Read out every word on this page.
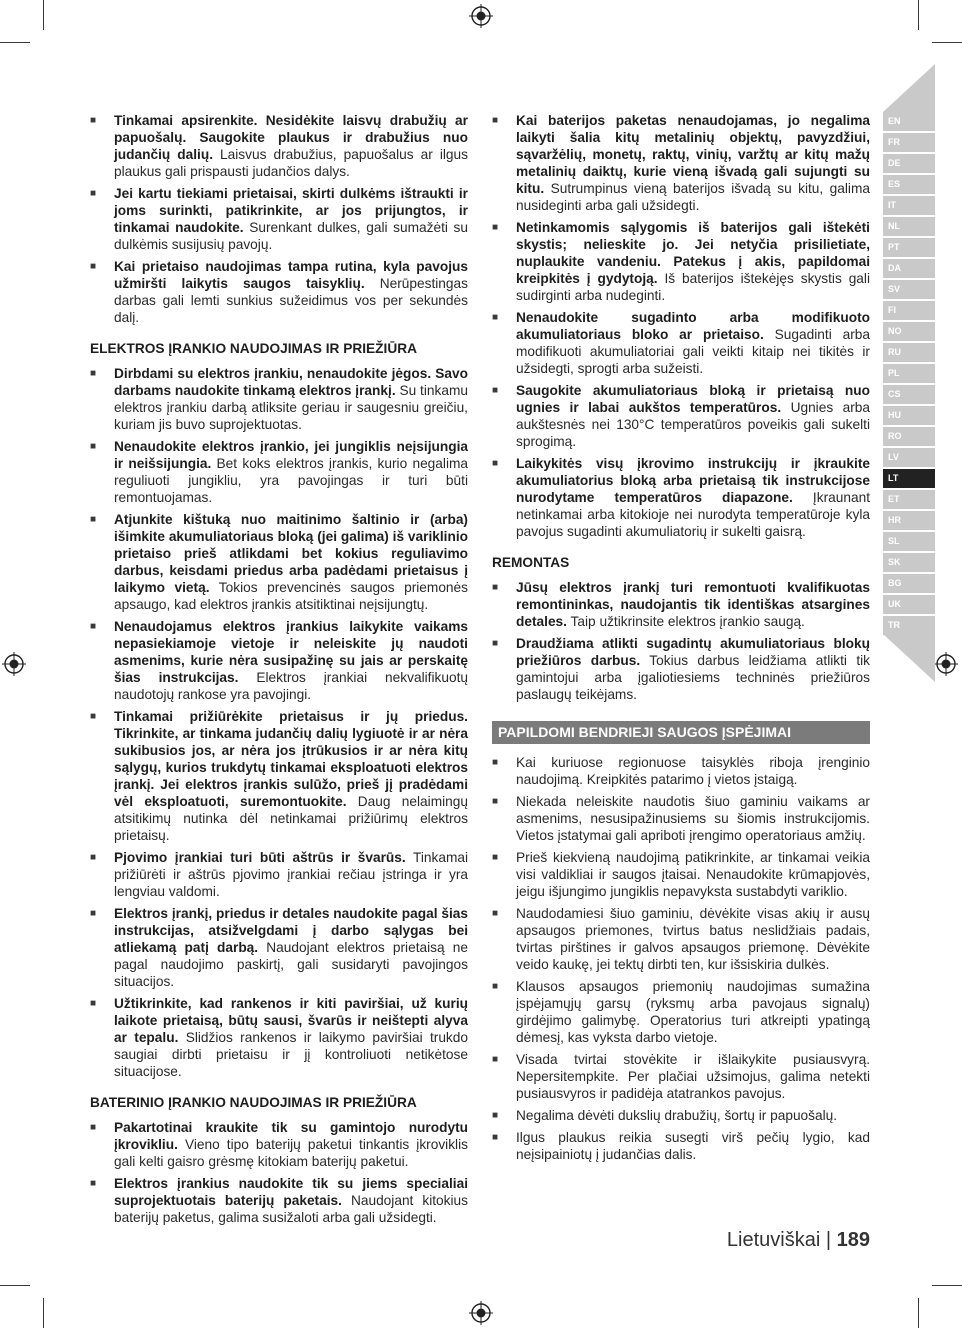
EN
FR
DE
ES
IT
NL
PT
DA
SV
FI
NO
RU
PL
CS
HU
RO
LV
LT
ET
HR
SL
SK
BG
UK
TR
■ Tinkamai apsirenkite. Nesidėkite laisvų drabužių ar papuošalų. Saugokite plaukus ir drabužius nuo judančių dalių. Laisvus drabužius, papuošalus ar ilgus plaukus gali prispausti judančios dalys.
■ Jei kartu tiekiami prietaisai, skirti dulkėms ištraukti ir joms surinkti, patikrinkite, ar jos prijungtos, ir tinkamai naudokite. Surenkant dulkes, gali sumažėti su dulkėmis susijusių pavojų.
■ Kai prietaiso naudojimas tampa rutina, kyla pavojus užmiršti laikytis saugos taisyklių. Nerūpestingas darbas gali lemti sunkius sužeidimus vos per sekundės dalį.
ELEKTROS ĮRANKIO NAUDOJIMAS IR PRIEŽIŪRA
■ Dirbdami su elektros įrankiu, nenaudokite jėgos. Savo darbams naudokite tinkamą elektros įrankį. Su tinkamu elektros įrankiu darbą atliksite geriau ir saugesniu greičiu, kuriam jis buvo suprojektuotas.
■ Nenaudokite elektros įrankio, jei jungiklis neįsijungia ir neišsijungia. Bet koks elektros įrankis, kurio negalima reguliuoti jungikliu, yra pavojingas ir turi būti remontuojamas.
■ Atjunkite kištuką nuo maitinimo šaltinio ir (arba) išimkite akumuliatoriaus bloką (jei galima) iš variklinio prietaiso prieš atlikdami bet kokius reguliavimo darbus, keisdami priedus arba padėdami prietaisus į laikymo vietą. Tokios prevencinės saugos priemonės apsaugo, kad elektros įrankis atsitiktinai neįsijungtų.
■ Nenaudojamus elektros įrankius laikykite vaikams nepasiekiamoje vietoje ir neleiskite jų naudoti asmenims, kurie nėra susipažinę su jais ar perskaitę šias instrukcijas. Elektros įrankiai nekvalifikuotų naudotojų rankose yra pavojingi.
■ Tinkamai prižiūrėkite prietaisus ir jų priedus. Tikrinkite, ar tinkama judančių dalių lygiuotė ir ar nėra sukibusios jos, ar nėra jos įtrūkusios ir ar nėra kitų sąlygų, kurios trukdytų tinkamai eksploatuoti elektros įrankį. Jei elektros įrankis sulūžo, prieš jį pradėdami vėl eksploatuoti, suremontuokite. Daug nelaimingų atsitikimų nutinka dėl netinkamai prižiūrimų elektros prietaisų.
■ Pjovimo įrankiai turi būti aštrūs ir švarūs. Tinkamai prižiūrėti ir aštrūs pjovimo įrankiai rečiau įstringa ir yra lengviau valdomi.
■ Elektros įrankį, priedus ir detales naudokite pagal šias instrukcijas, atsižvelgdami į darbo sąlygas bei atliekamą patį darbą. Naudojant elektros prietaisą ne pagal naudojimo paskirtį, gali susidaryti pavojingos situacijos.
■ Užtikrinkite, kad rankenos ir kiti paviršiai, už kurių laikote prietaisą, būtų sausi, švarūs ir neišteptі alyva ar tepalu. Slidžios rankenos ir laikymo paviršiai trukdo saugiai dirbti prietaisu ir jį kontroliuoti netikėtose situacijose.
BATERINIO ĮRANKIO NAUDOJIMAS IR PRIEŽIŪRA
■ Pakartotinai kraukite tik su gamintojo nurodytu įkrovikliu. Vieno tipo baterijų paketui tinkantis įkroviklis gali kelti gaisro grėsmę kitokiam baterijų paketui.
■ Elektros įrankius naudokite tik su jiems specialiai suprojektuotais baterijų paketais. Naudojant kitokius baterijų paketus, galima susižaloti arba gali užsidegti.
■ Kai baterijos paketas nenaudojamas, jo negalima laikyti šalia kitų metalinių objektų, pavyzdžiui, sąvaržėlių, monetų, raktų, vinių, varžtų ar kitų mažų metalinių daiktų, kurie vieną išvadą gali sujungti su kitu. Sutrumpinus vieną baterijos išvadą su kitu, galima nusideginti arba gali užsidegti.
■ Netinkamomis sąlygomis iš baterijos gali ištekėti skystis; nelieskite jo. Jei netyčia prisilietiate, nuplaukite vandeniu. Patekus į akis, papildomai kreipkitės į gydytoją. Iš baterijos ištekėjęs skystis gali sudirginti arba nudeginti.
■ Nenaudokite sugadinto arba modifikuoto akumuliatoriaus bloko ar prietaiso. Sugadinti arba modifikuoti akumuliatoriai gali veikti kitaip nei tikitės ir užsidegti, sprogti arba sužeisti.
■ Saugokite akumuliatoriaus bloką ir prietaisą nuo ugnies ir labai aukštos temperatūros. Ugnies arba aukštesnės nei 130°C temperatūros poveikis gali sukelti sprogimą.
■ Laikykitės visų įkrovimo instrukcijų ir įkraukite akumuliatorius bloką arba prietaisą tik instrukcijose nurodytame temperatūros diapazone. Įkraunant netinkamai arba kitokioje nei nurodyta temperatūroje kyla pavojus sugadinti akumuliatorių ir sukelti gaisrą.
REMONTAS
■ Jūsų elektros įrankį turi remontuoti kvalifikuotas remontininkas, naudojantis tik identiškas atsargines detales. Taip užtikrinsite elektros įrankio saugą.
■ Draudžiama atlikti sugadintų akumuliatoriaus blokų priežiūros darbus. Tokius darbus leidžiama atlikti tik gamintojui arba įgaliotiesiems techninės priežiūros paslaugų teikėjams.
PAPILDOMI BENDRIEJI SAUGOS ĮSPĖJIMAI
■ Kai kuriuose regionuose taisyklės riboja įrenginio naudojimą. Kreipkitės patarimo į vietos įstaigą.
■ Niekada neleiskite naudotis šiuo gaminiu vaikams ar asmenims, nesusipažinusiems su šiomis instrukcijomis. Vietos įstatymai gali apriboti įrengimo operatoriaus amžių.
■ Prieš kiekvieną naudojimą patikrinkite, ar tinkamai veikia visi valdikliai ir saugos įtaisai. Nenaudokite krūmapjovės, jeigu išjungimo jungiklis nepavyksta sustabdyti variklio.
■ Naudodamiesi šiuo gaminiu, dėvėkite visas akių ir ausų apsaugos priemones, tvirtus batus neslidžiais padais, tvirtas pirštines ir galvos apsaugos priemonę. Dėvėkite veido kaukę, jei tektų dirbti ten, kur išsiskiria dulkės.
■ Klausos apsaugos priemonių naudojimas sumažina įspėjamųjų garsų (ryksmų arba pavojaus signalų) girdėjimo galimybę. Operatorius turi atkreipti ypatingą dėmesį, kas vyksta darbo vietoje.
■ Visada tvirtai stovėkite ir išlaikykite pusiausvyrą. Nepersitempkite. Per plačiai užsimojus, galima netekti pusiausvyros ir padidėja atatrankos pavojus.
■ Negalima dėvėti dukslių drabužių, šortų ir papuošalų.
■ Ilgus plaukus reikia susegti virš pečių lygio, kad neįsipainiotų į judančias dalis.
Lietuviškai | 189
